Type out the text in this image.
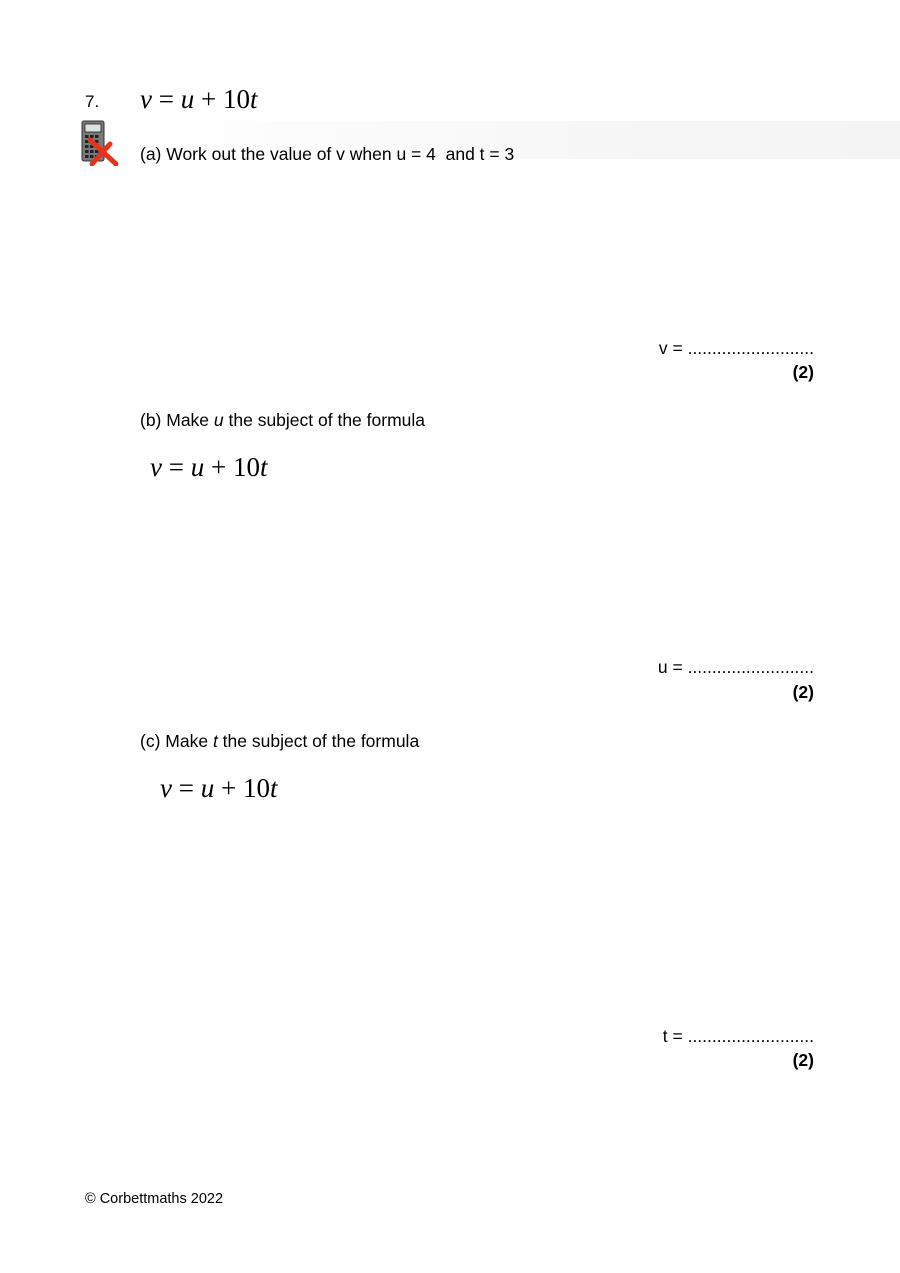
7. v = u + 10t
(a) Work out the value of v when u = 4  and t = 3
v = ..........................
(2)
(b) Make u the subject of the formula
v = u + 10t
u = ..........................
(2)
(c) Make t the subject of the formula
v = u + 10t
t = ..........................
(2)
© Corbettmaths 2022
